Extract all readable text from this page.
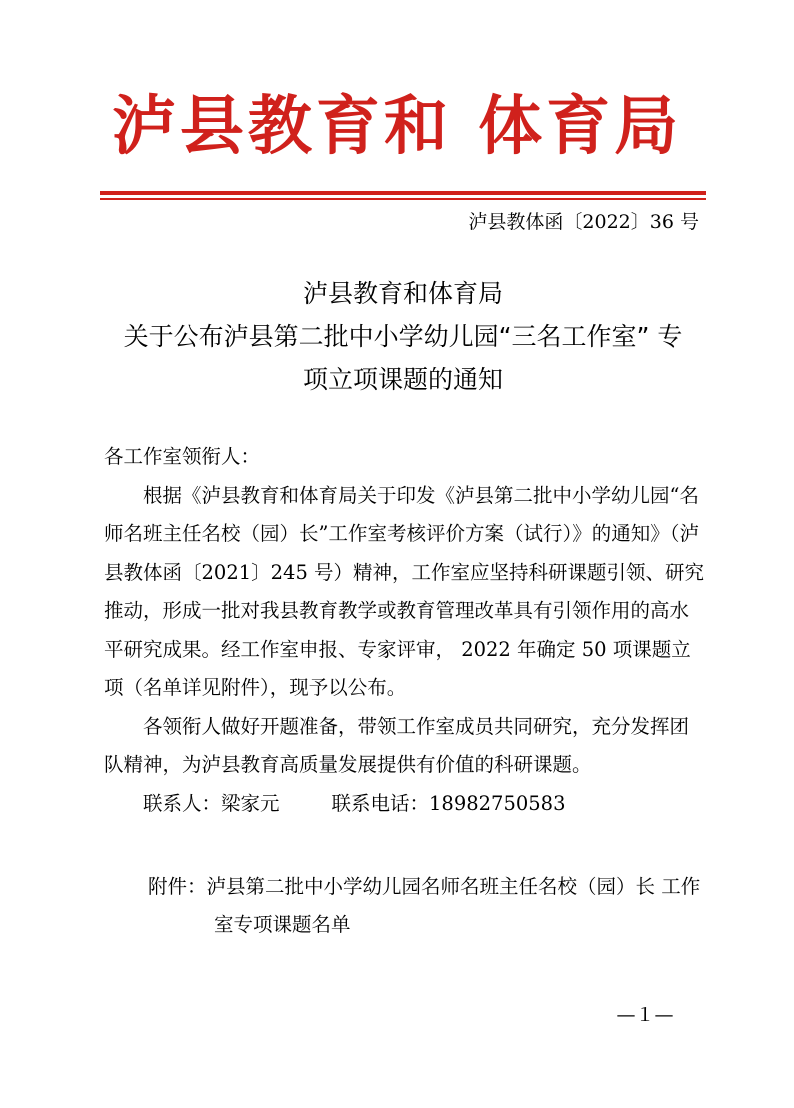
泸县教育和 体育局
泸县教体函〔2022〕36 号
泸县教育和体育局
关于公布泸县第二批中小学幼儿园“三名工作室” 专
项立项课题的通知

各工作室领衔人：

根据《泸县教育和体育局关于印发《泸县第二批中小学幼儿园“名师名班主任名校（园）长”工作室考核评价方案（试行）》的通知》（泸县教体函〔2021〕245 号）精神，工作室应坚持科研课题引领、研究推动，形成一批对我县教育教学或教育管理改革具有引领作用的高水平研究成果。经工作室申报、专家评审， 2022 年确定 50 项课题立项（名单详见附件），现予以公布。

各领衔人做好开题准备，带领工作室成员共同研究，充分发挥团队精神，为泸县教育高质量发展提供有价值的科研课题。

联系人：梁家元	联系电话：18982750583

附件：泸县第二批中小学幼儿园名师名班主任名校（园）长 工作
室专项课题名单
—１—
